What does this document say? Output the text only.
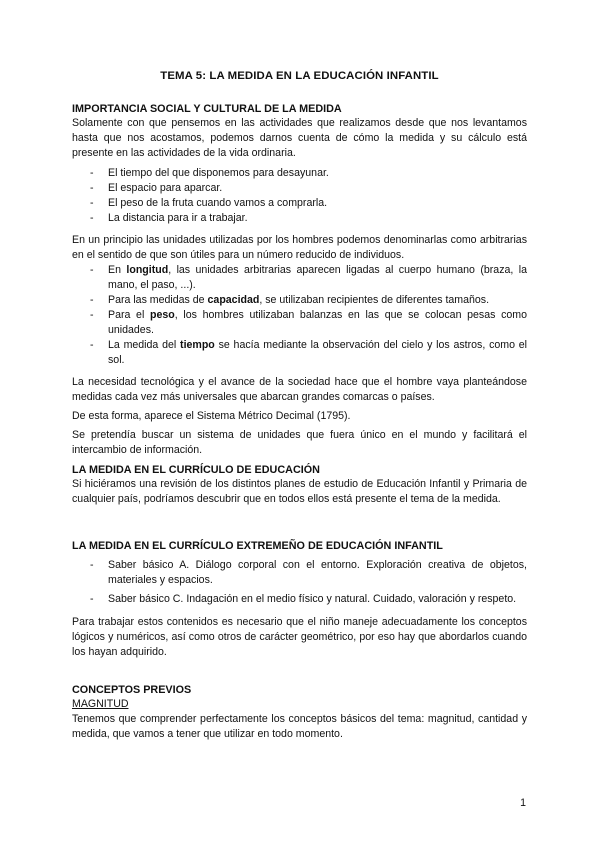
TEMA 5: LA MEDIDA EN LA EDUCACIÓN INFANTIL
IMPORTANCIA SOCIAL Y CULTURAL DE LA MEDIDA

Solamente con que pensemos en las actividades que realizamos desde que nos levantamos hasta que nos acostamos, podemos darnos cuenta de cómo la medida y su cálculo está presente en las actividades de la vida ordinaria.

- El tiempo del que disponemos para desayunar.
- El espacio para aparcar.
- El peso de la fruta cuando vamos a comprarla.
- La distancia para ir a trabajar.

En un principio las unidades utilizadas por los hombres podemos denominarlas como arbitrarias en el sentido de que son útiles para un número reducido de individuos.

- En longitud, las unidades arbitrarias aparecen ligadas al cuerpo humano (braza, la mano, el paso, ...).
- Para las medidas de capacidad, se utilizaban recipientes de diferentes tamaños.
- Para el peso, los hombres utilizaban balanzas en las que se colocan pesas como unidades.
- La medida del tiempo se hacía mediante la observación del cielo y los astros, como el sol.

La necesidad tecnológica y el avance de la sociedad hace que el hombre vaya planteándose medidas cada vez más universales que abarcan grandes comarcas o países.

De esta forma, aparece el Sistema Métrico Decimal (1795).

Se pretendía buscar un sistema de unidades que fuera único en el mundo y facilitará el intercambio de información.

LA MEDIDA EN EL CURRÍCULO DE EDUCACIÓN

Si hiciéramos una revisión de los distintos planes de estudio de Educación Infantil y Primaria de cualquier país, podríamos descubrir que en todos ellos está presente el tema de la medida.

LA MEDIDA EN EL CURRÍCULO EXTREMEÑO DE EDUCACIÓN INFANTIL
- Saber básico A. Diálogo corporal con el entorno. Exploración creativa de objetos, materiales y espacios.
- Saber básico C. Indagación en el medio físico y natural. Cuidado, valoración y respeto.

Para trabajar estos contenidos es necesario que el niño maneje adecuadamente los conceptos lógicos y numéricos, así como otros de carácter geométrico, por eso hay que abordarlos cuando los hayan adquirido.

CONCEPTOS PREVIOS
MAGNITUD

Tenemos que comprender perfectamente los conceptos básicos del tema: magnitud, cantidad y medida, que vamos a tener que utilizar en todo momento.

1
